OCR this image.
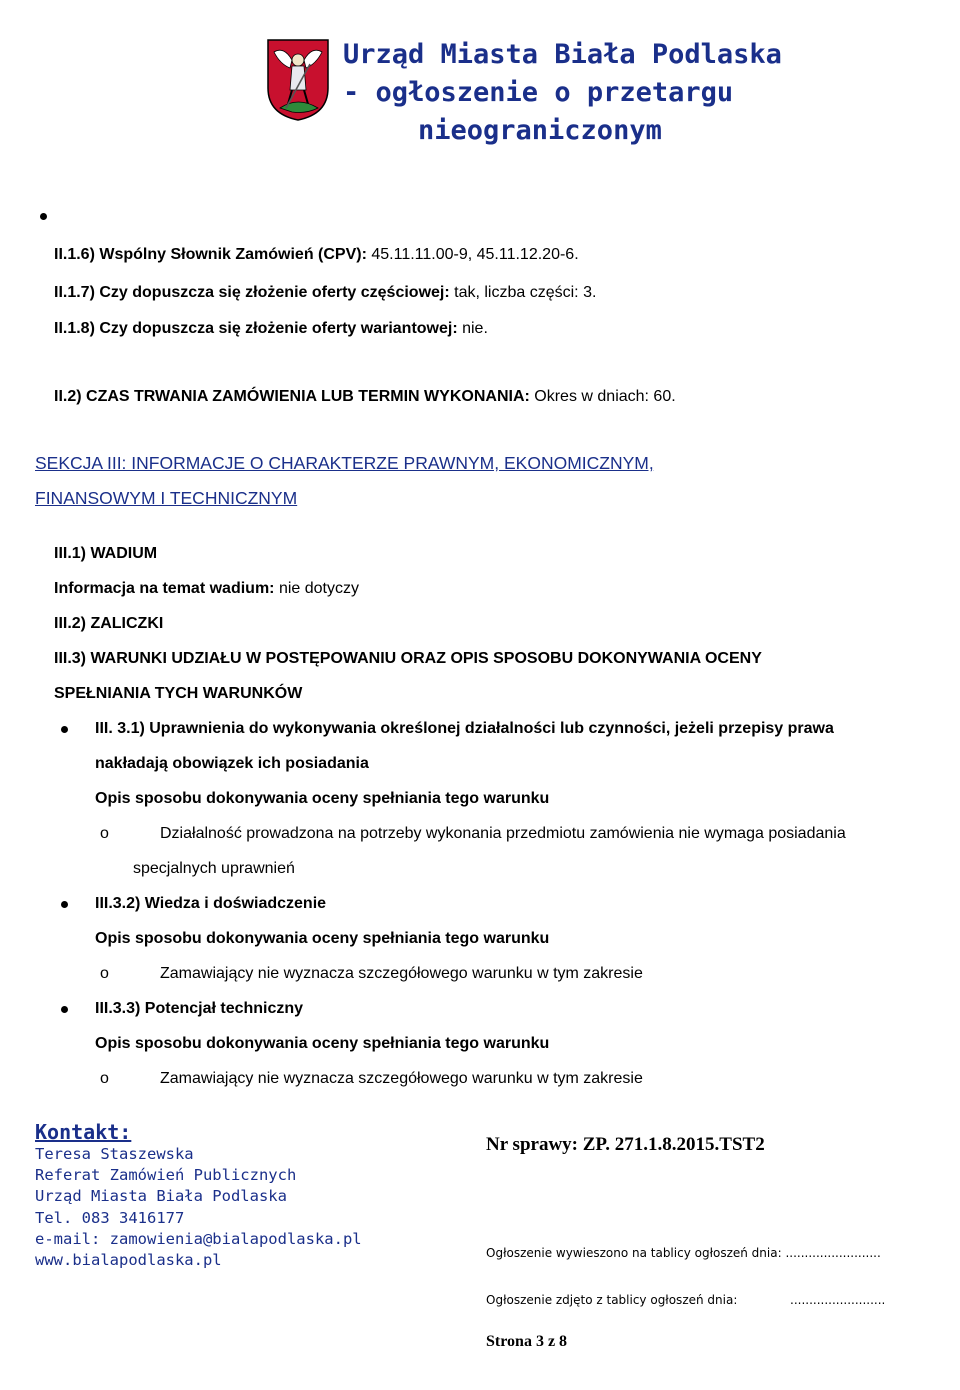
Urząd Miasta Biała Podlaska
- ogłoszenie o przetargu
nieograniczonym
II.1.6) Wspólny Słownik Zamówień (CPV): 45.11.11.00-9, 45.11.12.20-6.
II.1.7) Czy dopuszcza się złożenie oferty częściowej: tak, liczba części: 3.
II.1.8) Czy dopuszcza się złożenie oferty wariantowej: nie.
II.2) CZAS TRWANIA ZAMÓWIENIA LUB TERMIN WYKONANIA: Okres w dniach: 60.
SEKCJA III: INFORMACJE O CHARAKTERZE PRAWNYM, EKONOMICZNYM,
FINANSOWYM I TECHNICZNYM
III.1) WADIUM
Informacja na temat wadium: nie dotyczy
III.2) ZALICZKI
III.3) WARUNKI UDZIAŁU W POSTĘPOWANIU ORAZ OPIS SPOSOBU DOKONYWANIA OCENY
SPEŁNIANIA TYCH WARUNKÓW
III. 3.1) Uprawnienia do wykonywania określonej działalności lub czynności, jeżeli przepisy prawa
nakładają obowiązek ich posiadania
Opis sposobu dokonywania oceny spełniania tego warunku
o	Działalność prowadzona na potrzeby wykonania przedmiotu zamówienia nie wymaga posiadania
specjalnych uprawnień
III.3.2) Wiedza i doświadczenie
Opis sposobu dokonywania oceny spełniania tego warunku
o	Zamawiający nie wyznacza szczegółowego warunku w tym zakresie
III.3.3) Potencjał techniczny
Opis sposobu dokonywania oceny spełniania tego warunku
o	Zamawiający nie wyznacza szczegółowego warunku w tym zakresie
Kontakt:
Teresa Staszewska
Referat Zamówień Publicznych
Urząd Miasta Biała Podlaska
Tel. 083 3416177
e-mail: zamowienia@bialapodlaska.pl
www.bialapodlaska.pl
Nr sprawy: ZP. 271.1.8.2015.TST2
Ogłoszenie wywieszono na tablicy ogłoszeń dnia: .........................
Ogłoszenie zdjęto z tablicy ogłoszeń dnia:	.........................
Strona 3 z 8
